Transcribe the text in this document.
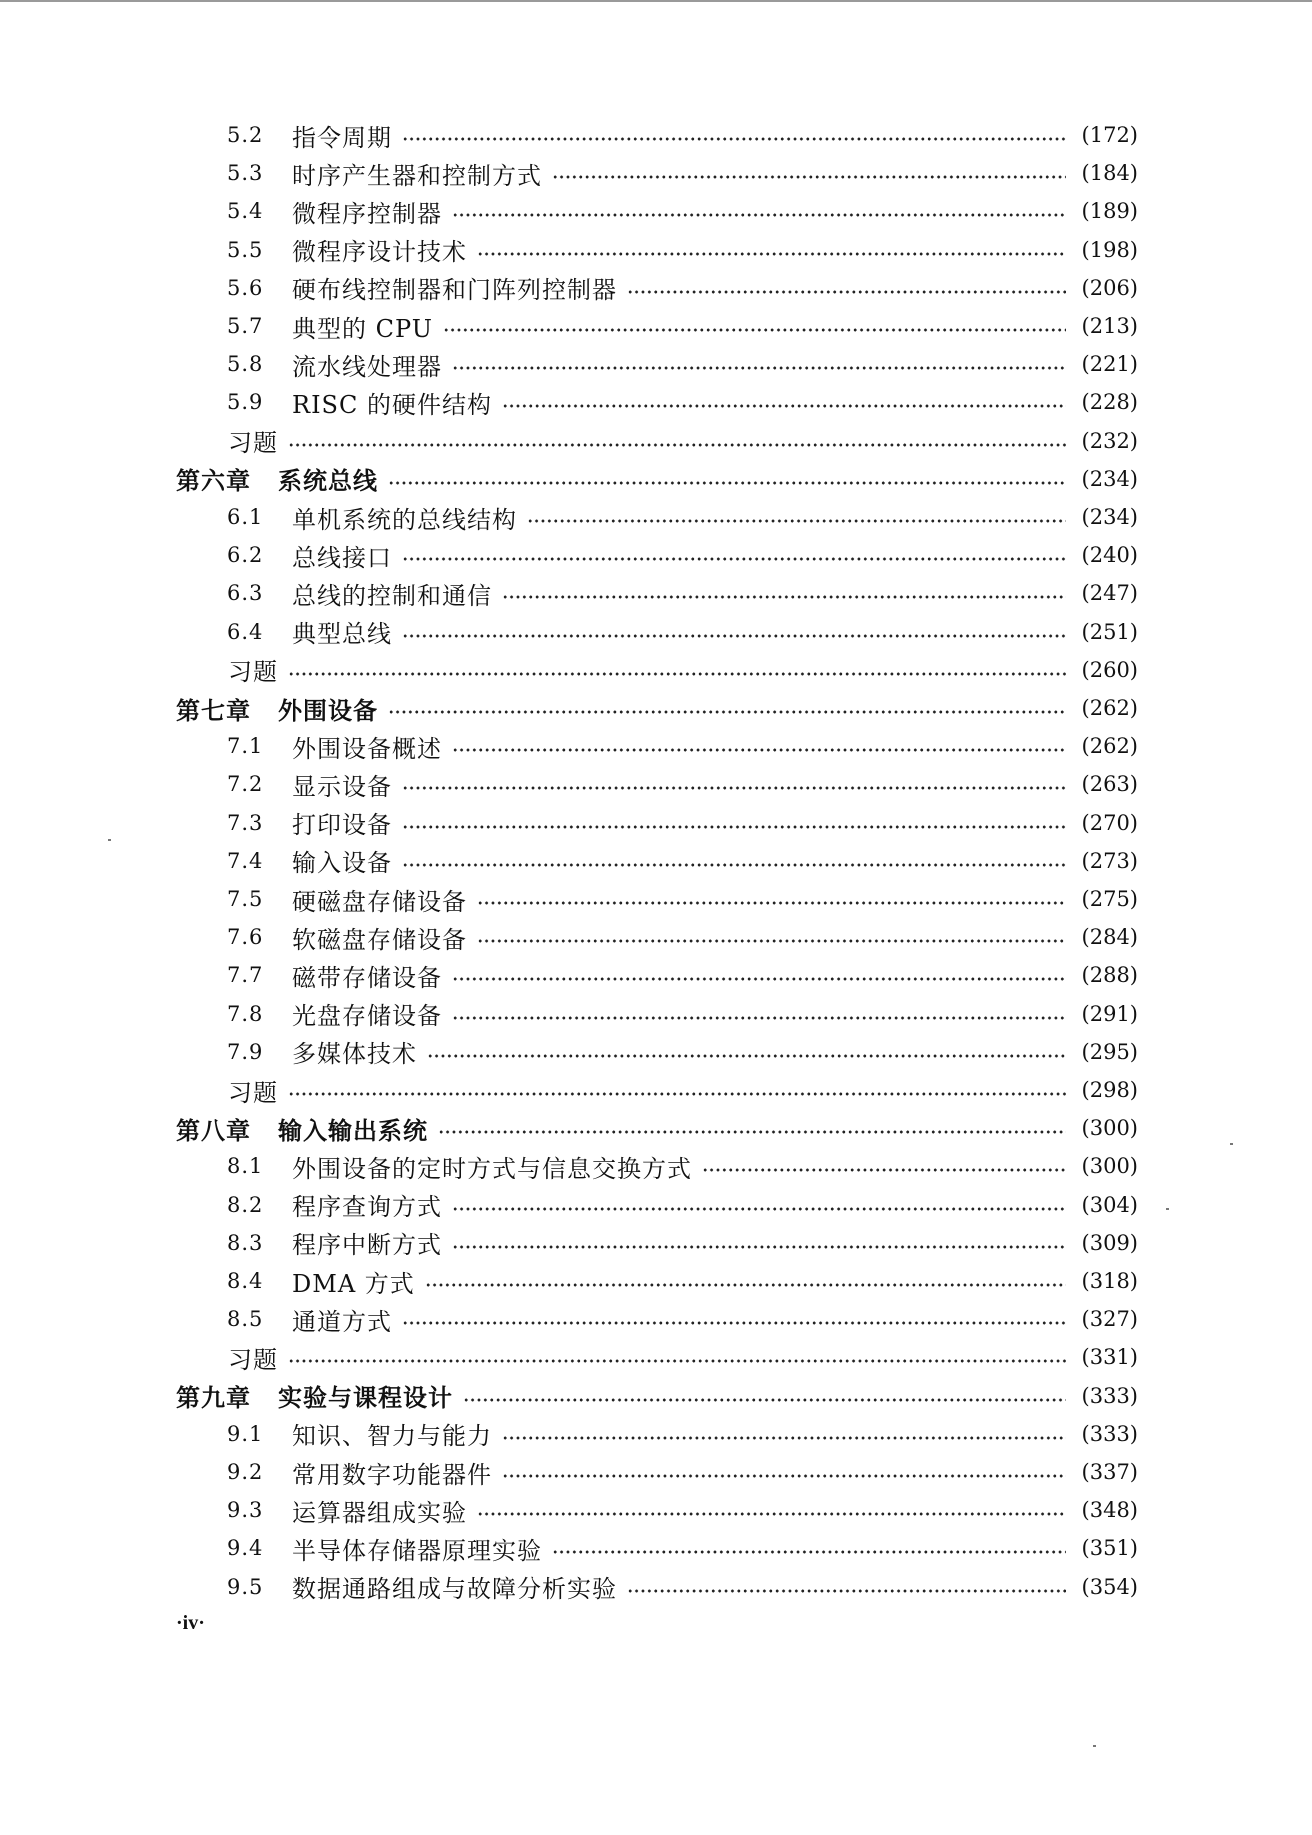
5.2	指令周期	(172)
5.3	时序产生器和控制方式	(184)
5.4	微程序控制器	(189)
5.5	微程序设计技术	(198)
5.6	硬布线控制器和门阵列控制器	(206)
5.7	典型的 CPU	(213)
5.8	流水线处理器	(221)
5.9	RISC 的硬件结构	(228)
习题	(232)
第六章 系统总线	(234)
6.1	单机系统的总线结构	(234)
6.2	总线接口	(240)
6.3	总线的控制和通信	(247)
6.4	典型总线	(251)
习题	(260)
第七章 外围设备	(262)
7.1	外围设备概述	(262)
7.2	显示设备	(263)
7.3	打印设备	(270)
7.4	输入设备	(273)
7.5	硬磁盘存储设备	(275)
7.6	软磁盘存储设备	(284)
7.7	磁带存储设备	(288)
7.8	光盘存储设备	(291)
7.9	多媒体技术	(295)
习题	(298)
第八章 输入输出系统	(300)
8.1	外围设备的定时方式与信息交换方式	(300)
8.2	程序查询方式	(304)
8.3	程序中断方式	(309)
8.4	DMA 方式	(318)
8.5	通道方式	(327)
习题	(331)
第九章 实验与课程设计	(333)
9.1	知识、智力与能力	(333)
9.2	常用数字功能器件	(337)
9.3	运算器组成实验	(348)
9.4	半导体存储器原理实验	(351)
9.5	数据通路组成与故障分析实验	(354)
·iv·
